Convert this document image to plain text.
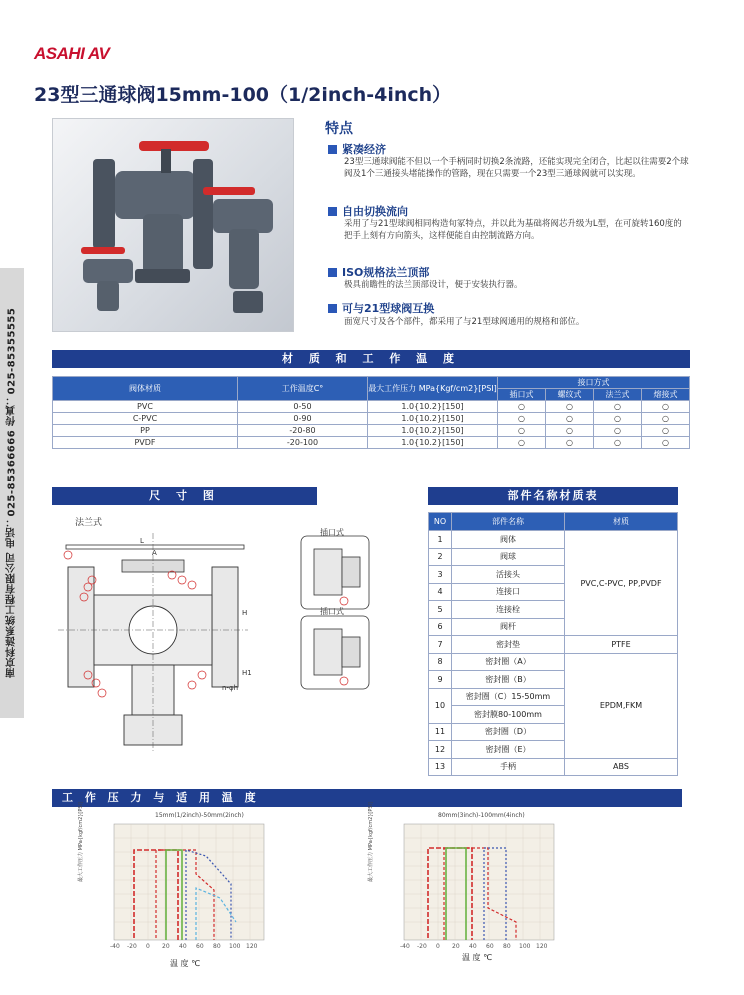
ASAHI AV
23型三通球阀15mm-100（1/2inch-4inch）
南京科涟系统工程有限公司 电话：025-85366666 传真：025-85355555
特点
紧凑经济
23型三通球阀能不但以一个手柄同时切换2条流路，还能实现完全闭合，比起以往需要2个球阀及1个三通接头堵能操作的管路，现在只需要一个23型三通球阀就可以实现。
自由切换流向
采用了与21型球阀相同构造旬冢特点，并以此为基础将阀芯升级为L型，在可旋转160度的把手上刻有方向箭头，这样便能自由控制流路方向。
ISO规格法兰顶部
极具前瞻性的法兰顶部设计，便于安装执行器。
可与21型球阀互换
面宽尺寸及各个部件，都采用了与21型球阀通用的规格和部位。
材 质 和 工 作 温 度
阀体材质	工作温度C°	最大工作压力 MPa{Kgf/cm2}[PSI]	接口方式			
			插口式	螺纹式	法兰式	熔接式
PVC	0-50	1.0{10.2}[150]	○	○	○	○
C-PVC	0-90	1.0{10.2}[150]	○	○	○	○
PP	-20-80	1.0{10.2}[150]	○	○	○	○
PVDF	-20-100	1.0{10.2}[150]	○	○	○	○
尺 寸 图
法兰式
L
A
H
H1
n-φh
插口式
插口式
部件名称材质表
NO	部件名称	材质
1	阀体	PVC,C-PVC, PP,PVDF
2	阀球	
3	活接头	
4	连接口	
5	连接栓	
6	阀杆	
7	密封垫	PTFE
8	密封圈（A）	EPDM,FKM
9	密封圈（B）	
10	密封圈（C）15-50mm	
	密封膜80-100mm	
11	密封圈（D）	
12	密封圈（E）	
13	手柄	ABS
工 作 压 力 与 适 用 温 度
15mm(1/2inch)-50mm(2inch)
最大工作压力 MPa{kgf/cm2}[PSI]
-40 -20 0 20 40 60 80 100 120
温 度 ℃
80mm(3inch)-100mm(4inch)
最大工作压力 MPa{kgf/cm2}[PSI]
-40 -20 0 20 40 60 80 100 120
温 度 ℃
